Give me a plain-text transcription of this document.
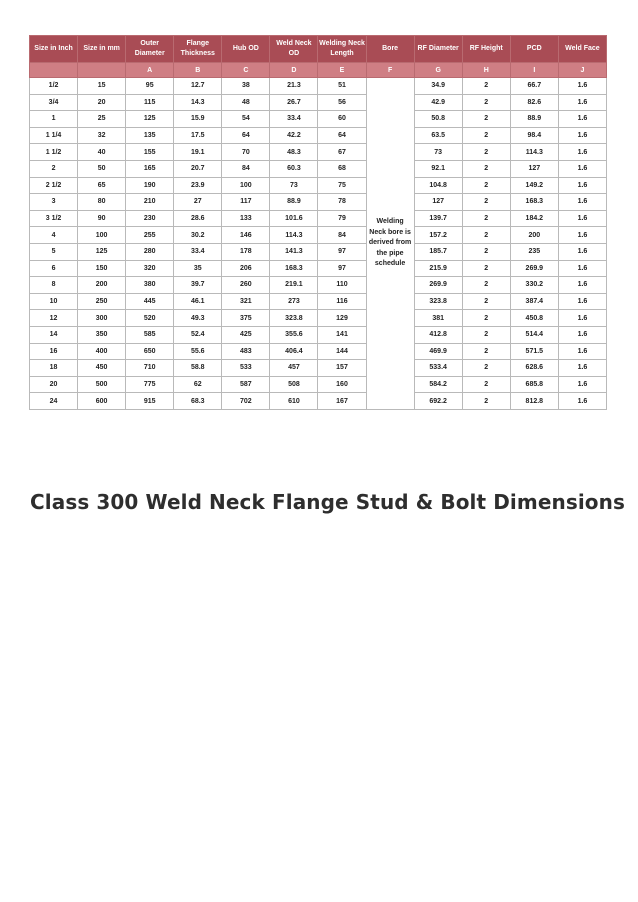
Size in Inch	Size in mm	Outer Diameter	Flange Thickness	Hub OD	Weld Neck OD	Welding Neck Length	Bore	RF Diameter	RF Height	PCD	Weld Face
		A	B	C	D	E	F	G	H	I	J
1/2	15	95	12.7	38	21.3	51	Welding Neck bore is derived from the pipe schedule	34.9	2	66.7	1.6
3/4	20	115	14.3	48	26.7	56		42.9	2	82.6	1.6
1	25	125	15.9	54	33.4	60		50.8	2	88.9	1.6
1 1/4	32	135	17.5	64	42.2	64		63.5	2	98.4	1.6
1 1/2	40	155	19.1	70	48.3	67		73	2	114.3	1.6
2	50	165	20.7	84	60.3	68		92.1	2	127	1.6
2 1/2	65	190	23.9	100	73	75		104.8	2	149.2	1.6
3	80	210	27	117	88.9	78		127	2	168.3	1.6
3 1/2	90	230	28.6	133	101.6	79		139.7	2	184.2	1.6
4	100	255	30.2	146	114.3	84		157.2	2	200	1.6
5	125	280	33.4	178	141.3	97		185.7	2	235	1.6
6	150	320	35	206	168.3	97		215.9	2	269.9	1.6
8	200	380	39.7	260	219.1	110		269.9	2	330.2	1.6
10	250	445	46.1	321	273	116		323.8	2	387.4	1.6
12	300	520	49.3	375	323.8	129		381	2	450.8	1.6
14	350	585	52.4	425	355.6	141		412.8	2	514.4	1.6
16	400	650	55.6	483	406.4	144		469.9	2	571.5	1.6
18	450	710	58.8	533	457	157		533.4	2	628.6	1.6
20	500	775	62	587	508	160		584.2	2	685.8	1.6
24	600	915	68.3	702	610	167		692.2	2	812.8	1.6
Class 300 Weld Neck Flange Stud & Bolt Dimensions
